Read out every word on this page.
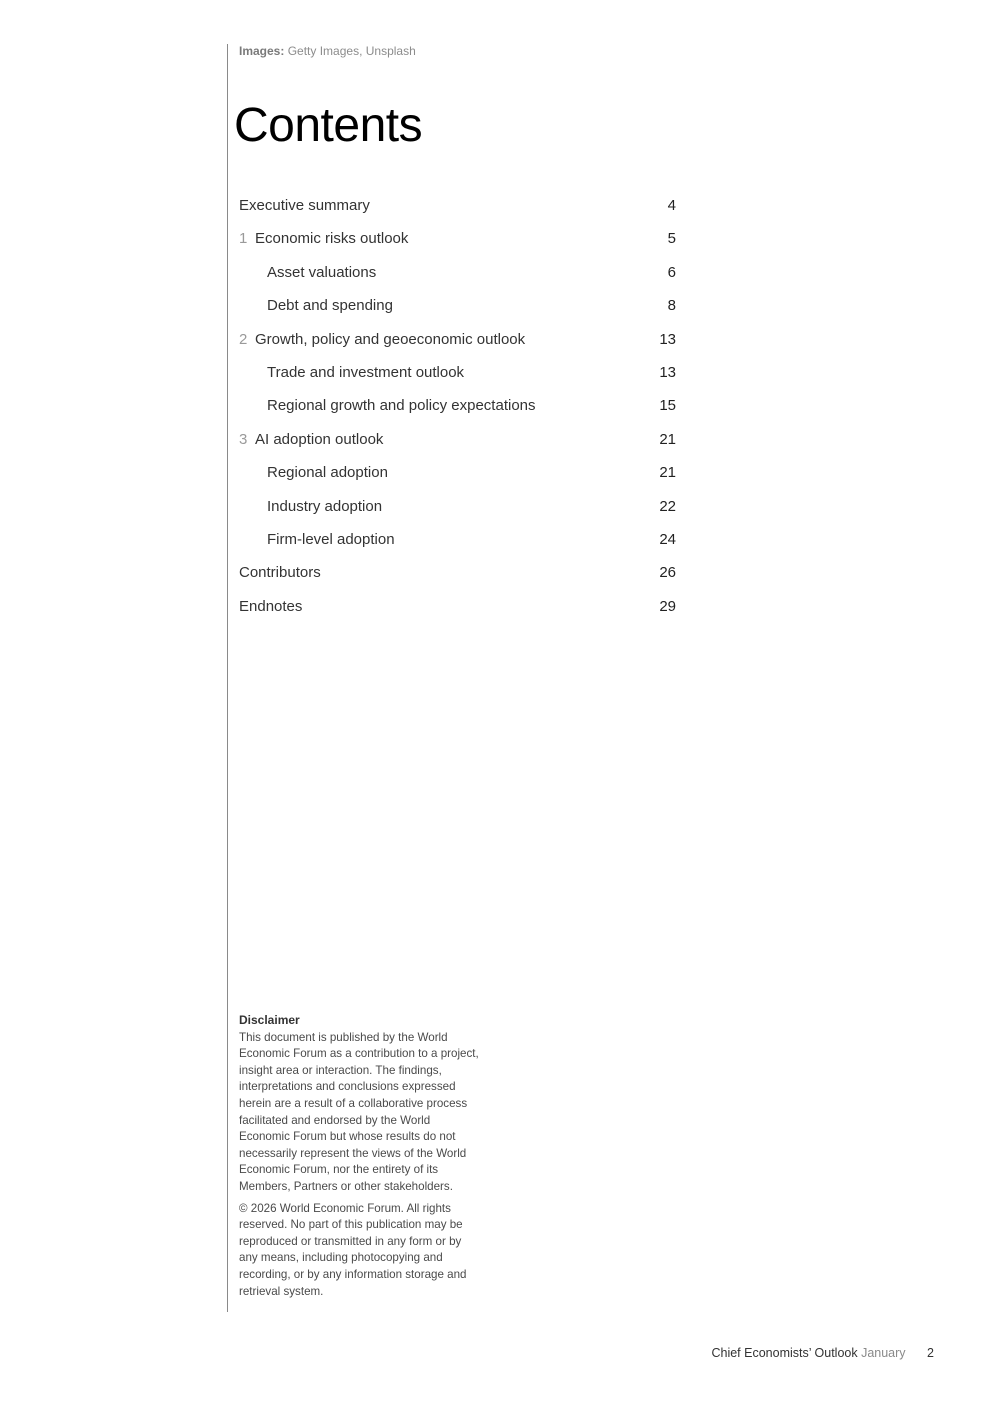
Images: Getty Images, Unsplash
Contents
Executive summary	4
1 Economic risks outlook	5
Asset valuations	6
Debt and spending	8
2 Growth, policy and geoeconomic outlook	13
Trade and investment outlook	13
Regional growth and policy expectations	15
3 AI adoption outlook	21
Regional adoption	21
Industry adoption	22
Firm-level adoption	24
Contributors	26
Endnotes	29
Disclaimer

This document is published by the World Economic Forum as a contribution to a project, insight area or interaction. The findings, interpretations and conclusions expressed herein are a result of a collaborative process facilitated and endorsed by the World Economic Forum but whose results do not necessarily represent the views of the World Economic Forum, nor the entirety of its Members, Partners or other stakeholders.

© 2026 World Economic Forum. All rights reserved. No part of this publication may be reproduced or transmitted in any form or by any means, including photocopying and recording, or by any information storage and retrieval system.

Chief Economists’ Outlook January 2
